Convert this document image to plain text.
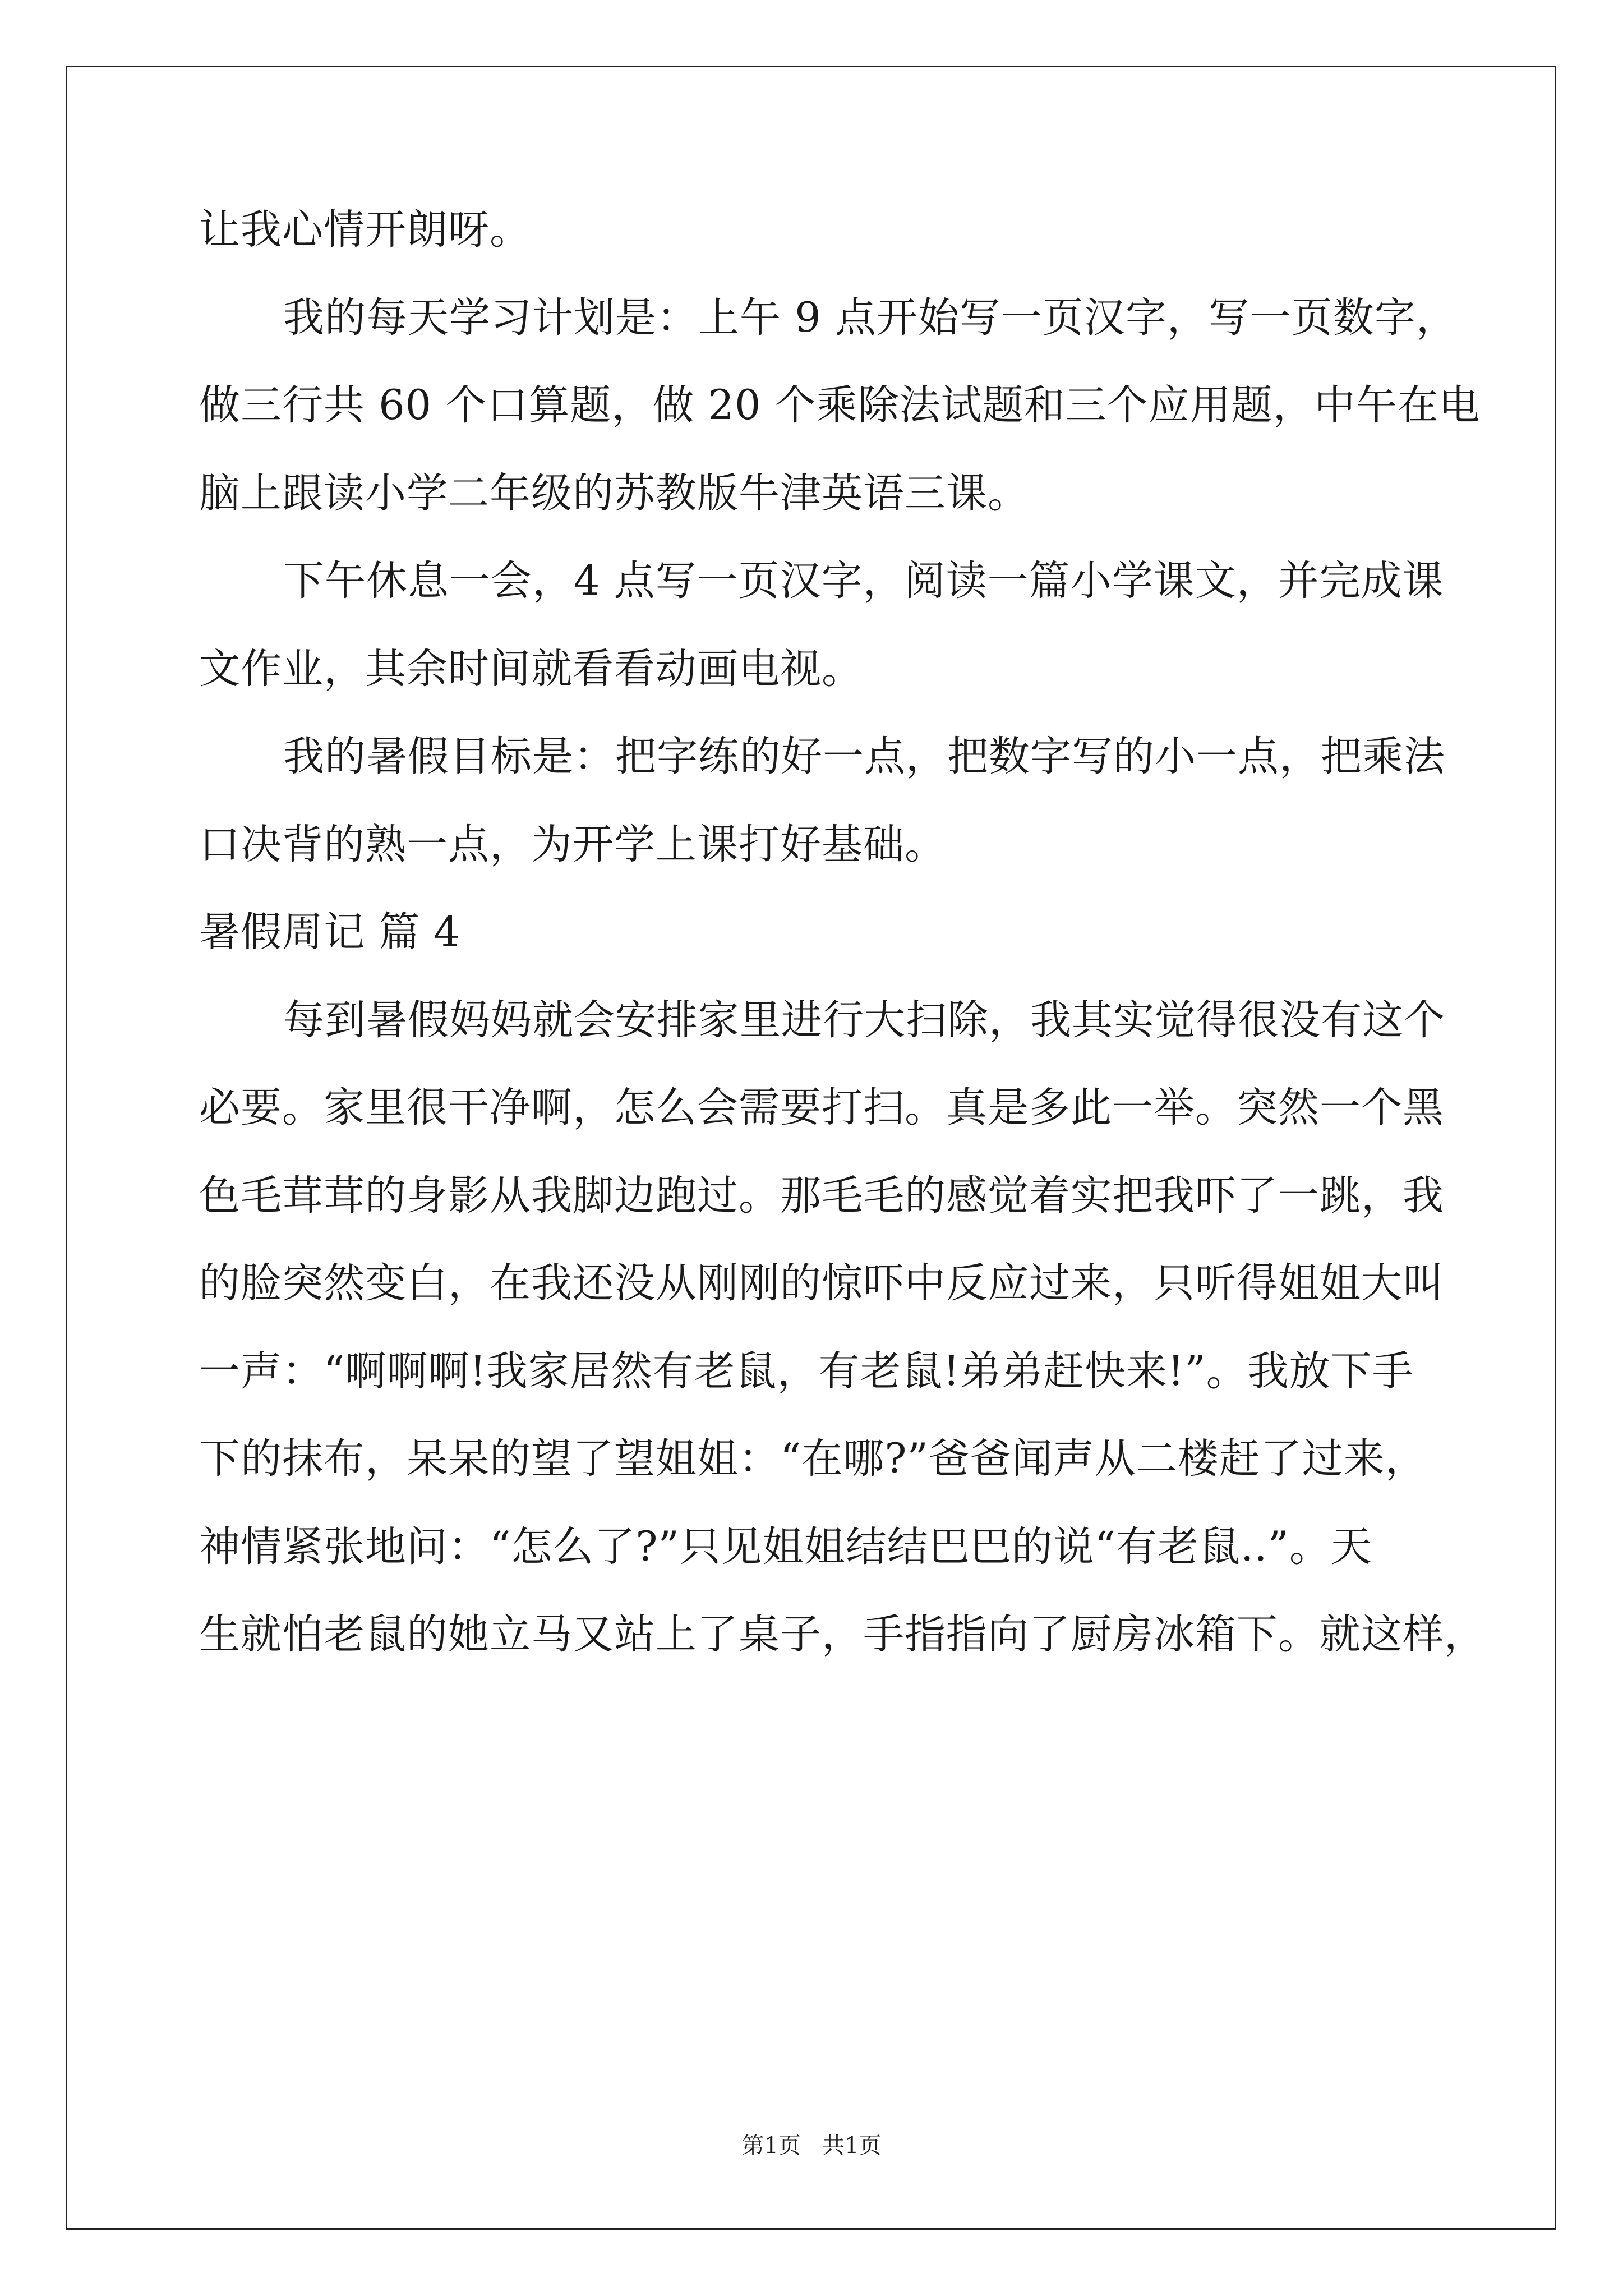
让我心情开朗呀。
我的每天学习计划是：上午 9 点开始写一页汉字，写一页数字，
做三行共 60 个口算题，做 20 个乘除法试题和三个应用题，中午在电
脑上跟读小学二年级的苏教版牛津英语三课。
下午休息一会，4 点写一页汉字，阅读一篇小学课文，并完成课
文作业，其余时间就看看动画电视。
我的暑假目标是：把字练的好一点，把数字写的小一点，把乘法
口决背的熟一点，为开学上课打好基础。
暑假周记 篇 4
每到暑假妈妈就会安排家里进行大扫除，我其实觉得很没有这个
必要。家里很干净啊，怎么会需要打扫。真是多此一举。突然一个黑
色毛茸茸的身影从我脚边跑过。那毛毛的感觉着实把我吓了一跳，我
的脸突然变白，在我还没从刚刚的惊吓中反应过来，只听得姐姐大叫
一声：“啊啊啊!我家居然有老鼠，有老鼠!弟弟赶快来!”。我放下手
下的抹布，呆呆的望了望姐姐：“在哪?”爸爸闻声从二楼赶了过来，
神情紧张地问：“怎么了?”只见姐姐结结巴巴的说“有老鼠..”。天
生就怕老鼠的她立马又站上了桌子，手指指向了厨房冰箱下。就这样，
第1页   共1页
